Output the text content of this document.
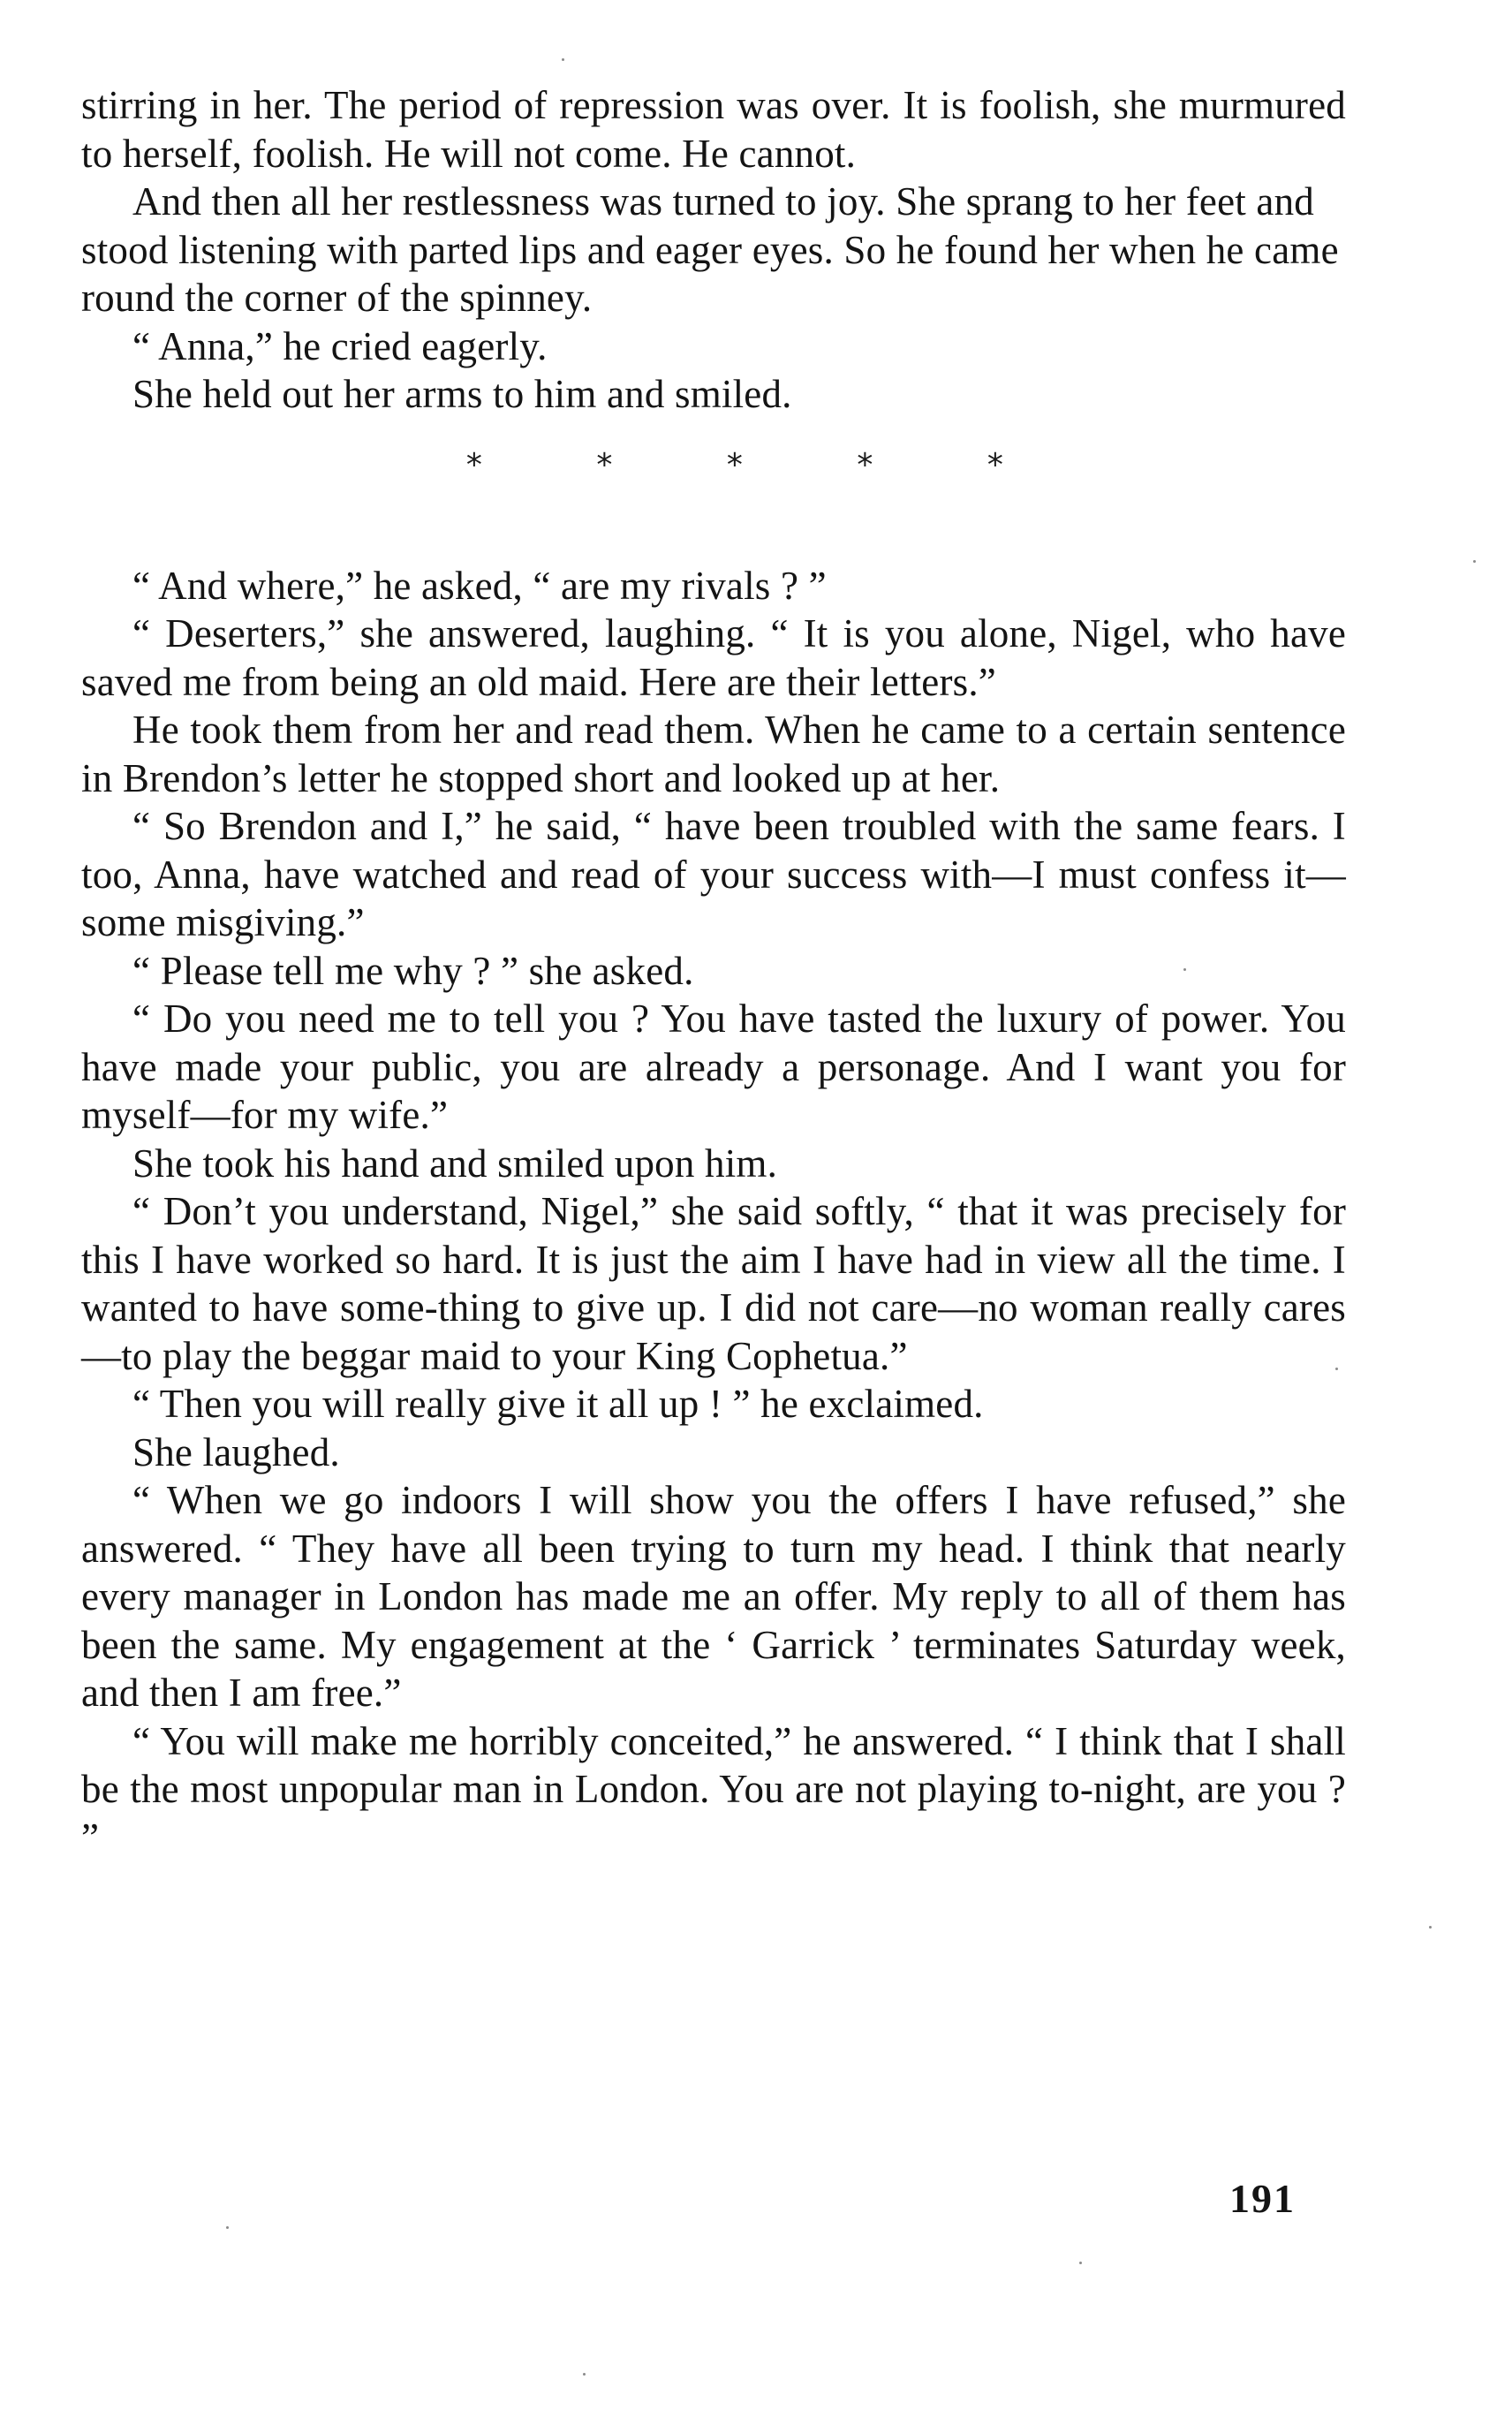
stirring in her. The period of repression was over. It is foolish, she murmured to herself, foolish. He will not come. He cannot.

And then all her restlessness was turned to joy. She sprang to her feet and stood listening with parted lips and eager eyes. So he found her when he came round the corner of the spinney.

“ Anna,” he cried eagerly.

She held out her arms to him and smiled.

*	*	*	*	*

“ And where,” he asked, “ are my rivals ? ”

“ Deserters,” she answered, laughing. “ It is you alone, Nigel, who have saved me from being an old maid. Here are their letters.”

He took them from her and read them. When he came to a certain sentence in Brendon’s letter he stopped short and looked up at her.

“ So Brendon and I,” he said, “ have been troubled with the same fears. I too, Anna, have watched and read of your success with—I must confess it—some misgiving.”

“ Please tell me why ? ” she asked.

“ Do you need me to tell you ? You have tasted the luxury of power. You have made your public, you are already a personage. And I want you for myself—for my wife.”

She took his hand and smiled upon him.

“ Don’t you understand, Nigel,” she said softly, “ that it was precisely for this I have worked so hard. It is just the aim I have had in view all the time. I wanted to have some-thing to give up. I did not care—no woman really cares—to play the beggar maid to your King Cophetua.”

“ Then you will really give it all up ! ” he exclaimed.

She laughed.

“ When we go indoors I will show you the offers I have refused,” she answered. “ They have all been trying to turn my head. I think that nearly every manager in London has made me an offer. My reply to all of them has been the same. My engagement at the ‘ Garrick ’ terminates Saturday week, and then I am free.”

“ You will make me horribly conceited,” he answered. “ I think that I shall be the most unpopular man in London. You are not playing to-night, are you ? ”

191
